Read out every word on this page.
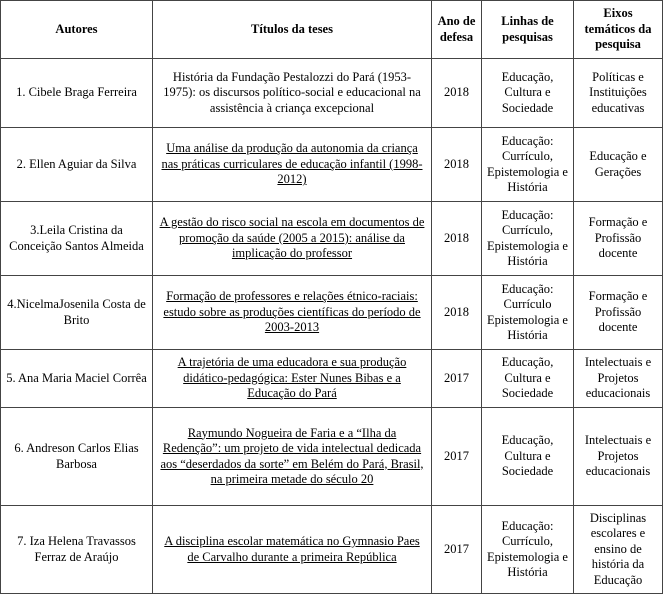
Autores	Títulos da teses	Ano de defesa	Linhas de pesquisas	Eixos temáticos da pesquisa
1. Cibele Braga Ferreira	História da Fundação Pestalozzi do Pará (1953-1975): os discursos político-social e educacional na assistência à criança excepcional	2018	Educação, Cultura e Sociedade	Políticas e Instituições educativas
2. Ellen Aguiar da Silva	Uma análise da produção da autonomia da criança nas práticas curriculares de educação infantil (1998-2012)	2018	Educação: Currículo, Epistemologia e História	Educação e Gerações
3.Leila Cristina da Conceição Santos Almeida	A gestão do risco social na escola em documentos de promoção da saúde (2005 a 2015): análise da implicação do professor	2018	Educação: Currículo, Epistemologia e História	Formação e Profissão docente
4.NicelmaJosenila Costa de Brito	Formação de professores e relações étnico-raciais: estudo sobre as produções científicas do período de 2003-2013	2018	Educação: Currículo Epistemologia e História	Formação e Profissão docente
5. Ana Maria Maciel Corrêa	A trajetória de uma educadora e sua produção didático-pedagógica: Ester Nunes Bibas e a Educação do Pará	2017	Educação, Cultura e Sociedade	Intelectuais e Projetos educacionais
6. Andreson Carlos Elias Barbosa	Raymundo Nogueira de Faria e a “Ilha da Redenção”: um projeto de vida intelectual dedicada aos “deserdados da sorte” em Belém do Pará, Brasil, na primeira metade do século 20	2017	Educação, Cultura e Sociedade	Intelectuais e Projetos educacionais
7. Iza Helena Travassos Ferraz de Araújo	A disciplina escolar matemática no Gymnasio Paes de Carvalho durante a primeira República	2017	Educação: Currículo, Epistemologia e História	Disciplinas escolares e ensino de história da Educação
